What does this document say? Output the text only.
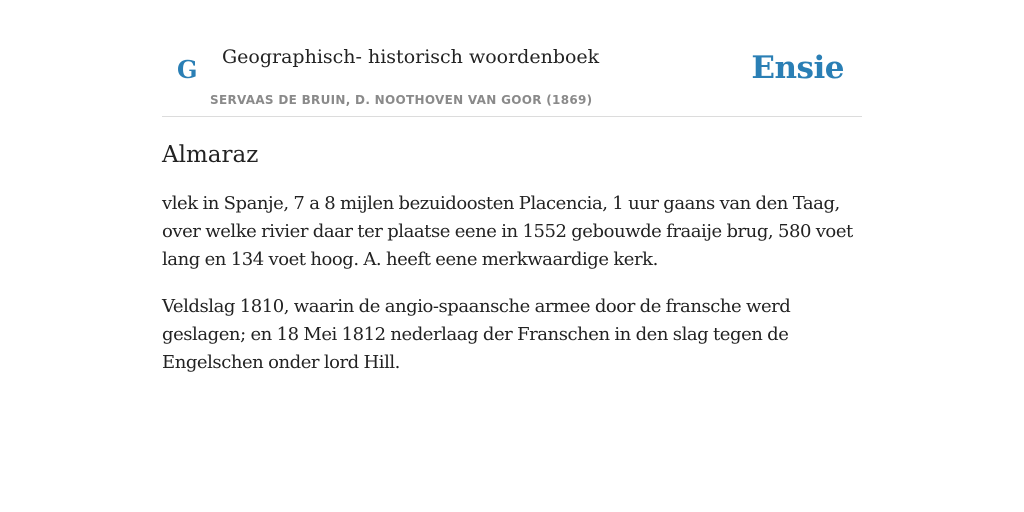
G Geographisch- historisch woordenboek
SERVAAS DE BRUIN, D. NOOTHOVEN VAN GOOR (1869)
Ensie
Almaraz

vlek in Spanje, 7 a 8 mijlen bezuidoosten Placencia, 1 uur gaans van den Taag, over welke rivier daar ter plaatse eene in 1552 gebouwde fraaije brug, 580 voet lang en 134 voet hoog. A. heeft eene merkwaardige kerk.

Veldslag 1810, waarin de angio-spaansche armee door de fransche werd geslagen; en 18 Mei 1812 nederlaag der Franschen in den slag tegen de Engelschen onder lord Hill.
